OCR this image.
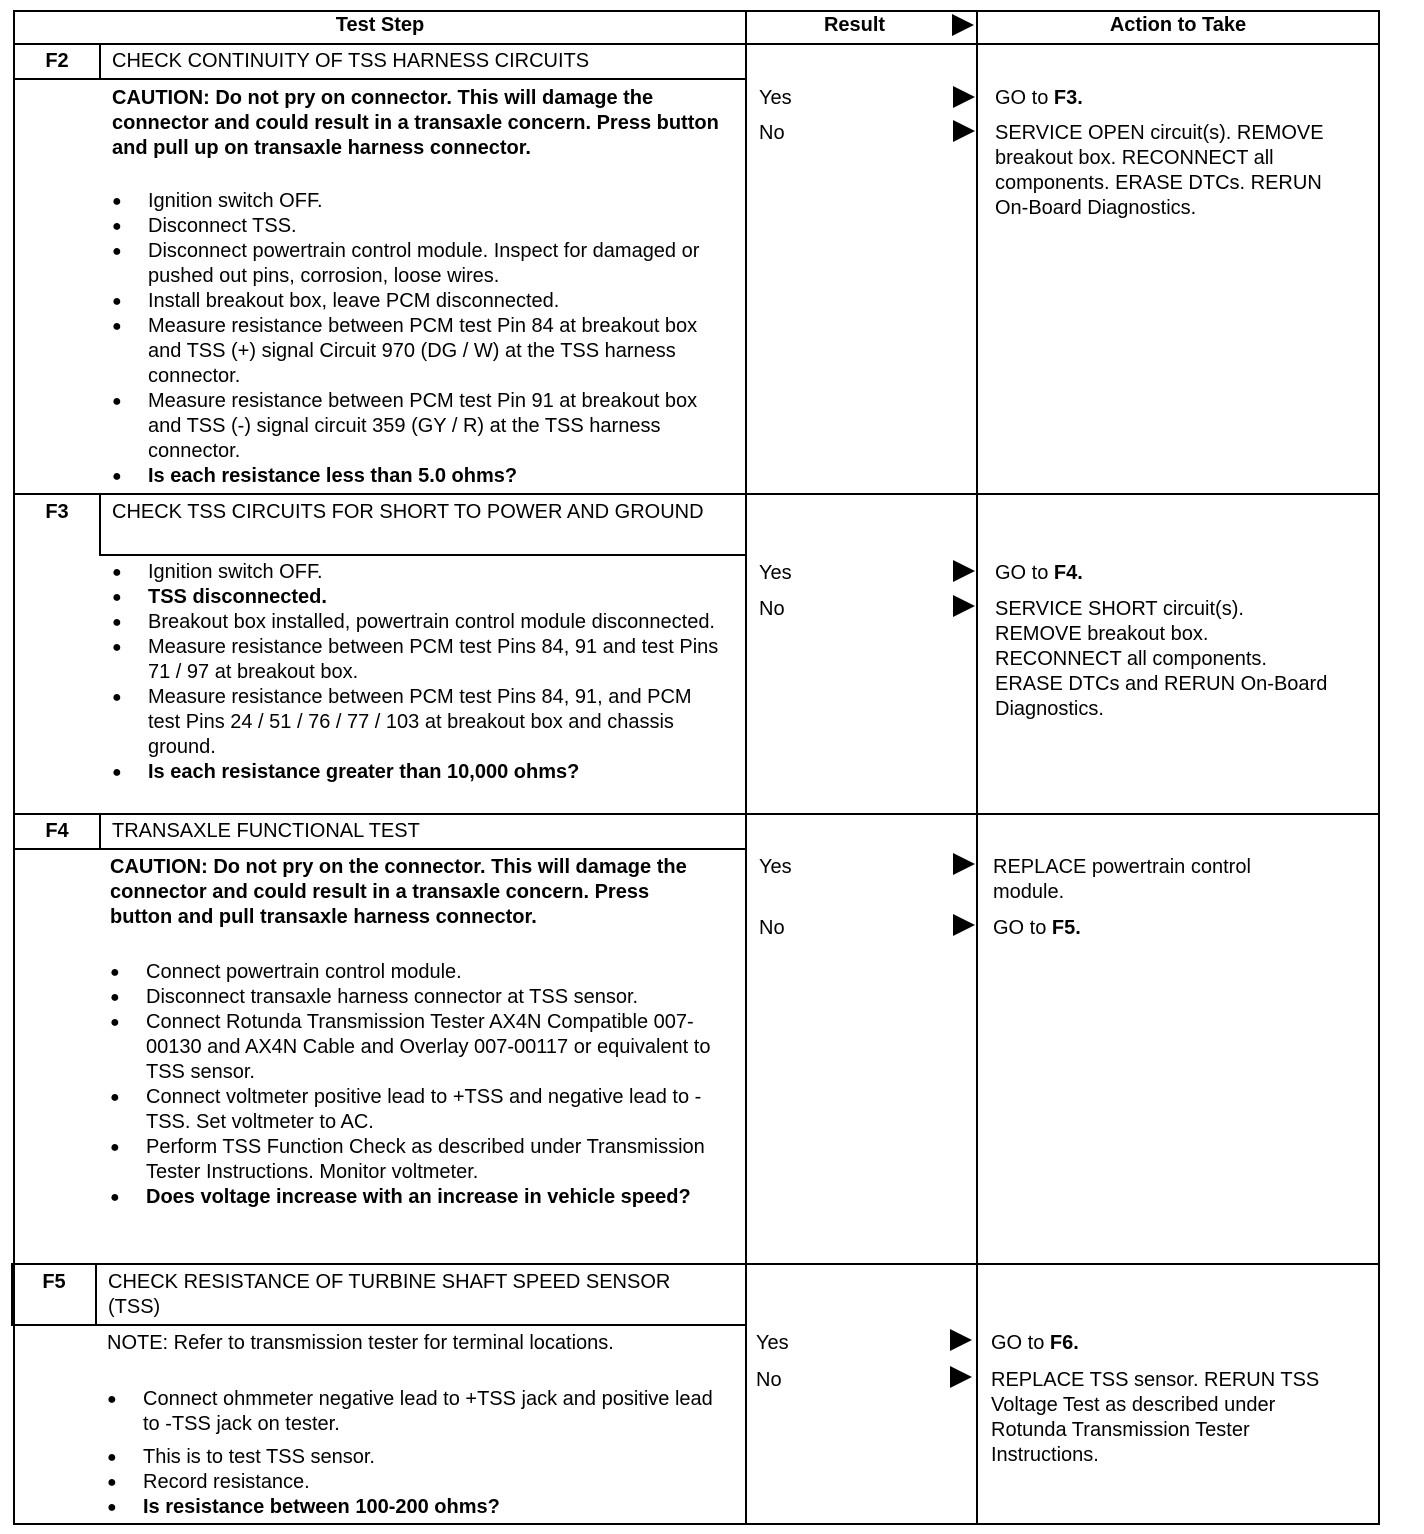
Test Step	Result	Action to Take
F2	CHECK CONTINUITY OF TSS HARNESS CIRCUITS
CAUTION: Do not pry on connector. This will damage the connector and could result in a transaxle concern. Press button and pull up on transaxle harness connector.
● Ignition switch OFF.
● Disconnect TSS.
● Disconnect powertrain control module. Inspect for damaged or pushed out pins, corrosion, loose wires.
● Install breakout box, leave PCM disconnected.
● Measure resistance between PCM test Pin 84 at breakout box and TSS (+) signal Circuit 970 (DG / W) at the TSS harness connector.
● Measure resistance between PCM test Pin 91 at breakout box and TSS (-) signal circuit 359 (GY / R) at the TSS harness connector.
● Is each resistance less than 5.0 ohms?
Yes	GO to F3.
No	SERVICE OPEN circuit(s). REMOVE breakout box. RECONNECT all components. ERASE DTCs. RERUN On-Board Diagnostics.
F3	CHECK TSS CIRCUITS FOR SHORT TO POWER AND GROUND
● Ignition switch OFF.
● TSS disconnected.
● Breakout box installed, powertrain control module disconnected.
● Measure resistance between PCM test Pins 84, 91 and test Pins 71 / 97 at breakout box.
● Measure resistance between PCM test Pins 84, 91, and PCM test Pins 24 / 51 / 76 / 77 / 103 at breakout box and chassis ground.
● Is each resistance greater than 10,000 ohms?
Yes	GO to F4.
No	SERVICE SHORT circuit(s). REMOVE breakout box. RECONNECT all components. ERASE DTCs and RERUN On-Board Diagnostics.
F4	TRANSAXLE FUNCTIONAL TEST
CAUTION: Do not pry on the connector. This will damage the connector and could result in a transaxle concern. Press button and pull transaxle harness connector.
● Connect powertrain control module.
● Disconnect transaxle harness connector at TSS sensor.
● Connect Rotunda Transmission Tester AX4N Compatible 007-00130 and AX4N Cable and Overlay 007-00117 or equivalent to TSS sensor.
● Connect voltmeter positive lead to +TSS and negative lead to -TSS. Set voltmeter to AC.
● Perform TSS Function Check as described under Transmission Tester Instructions. Monitor voltmeter.
● Does voltage increase with an increase in vehicle speed?
Yes	REPLACE powertrain control module.
No	GO to F5.
F5	CHECK RESISTANCE OF TURBINE SHAFT SPEED SENSOR (TSS)
NOTE: Refer to transmission tester for terminal locations.
● Connect ohmmeter negative lead to +TSS jack and positive lead to -TSS jack on tester.
● This is to test TSS sensor.
● Record resistance.
● Is resistance between 100-200 ohms?
Yes	GO to F6.
No	REPLACE TSS sensor. RERUN TSS Voltage Test as described under Rotunda Transmission Tester Instructions.
